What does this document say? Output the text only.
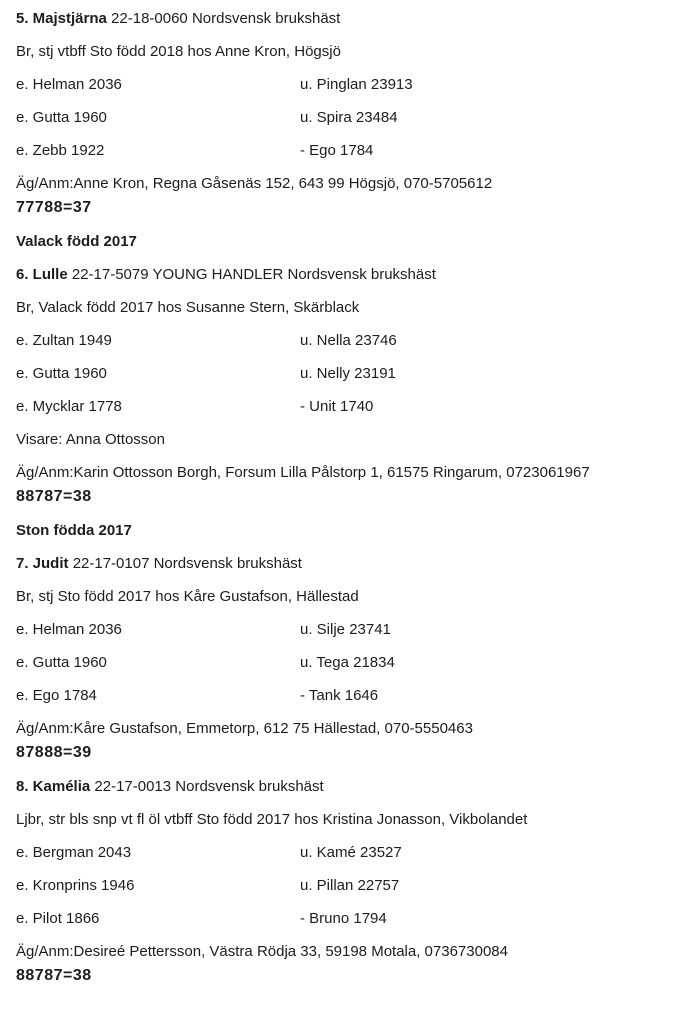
5. Majstjärna 22-18-0060 Nordsvensk brukshäst

Br, stj vtbff Sto född 2018 hos Anne Kron, Högsjö

e. Helman 2036	u. Pinglan 23913
e. Gutta 1960	u. Spira 23484
e. Zebb 1922	- Ego 1784

Äg/Anm:Anne Kron, Regna Gåsenäs 152, 643 99 Högsjö, 070-5705612

77788=37

Valack född 2017

6. Lulle 22-17-5079 YOUNG HANDLER Nordsvensk brukshäst

Br, Valack född 2017 hos Susanne Stern, Skärblack

e. Zultan 1949	u. Nella 23746
e. Gutta 1960	u. Nelly 23191
e. Mycklar 1778	- Unit 1740

Visare: Anna Ottosson

Äg/Anm:Karin Ottosson Borgh, Forsum Lilla Pålstorp 1, 61575 Ringarum, 0723061967

88787=38

Ston födda 2017

7. Judit 22-17-0107 Nordsvensk brukshäst

Br, stj Sto född 2017 hos Kåre Gustafson, Hällestad

e. Helman 2036	u. Silje 23741
e. Gutta 1960	u. Tega 21834
e. Ego 1784	- Tank 1646

Äg/Anm:Kåre Gustafson, Emmetorp, 612 75 Hällestad, 070-5550463

87888=39

8. Kamélia 22-17-0013 Nordsvensk brukshäst

Ljbr, str bls snp vt fl öl vtbff Sto född 2017 hos Kristina Jonasson, Vikbolandet

e. Bergman 2043	u. Kamé 23527
e. Kronprins 1946	u. Pillan 22757
e. Pilot 1866	- Bruno 1794

Äg/Anm:Desireé Pettersson, Västra Rödja 33, 59198 Motala, 0736730084

88787=38
